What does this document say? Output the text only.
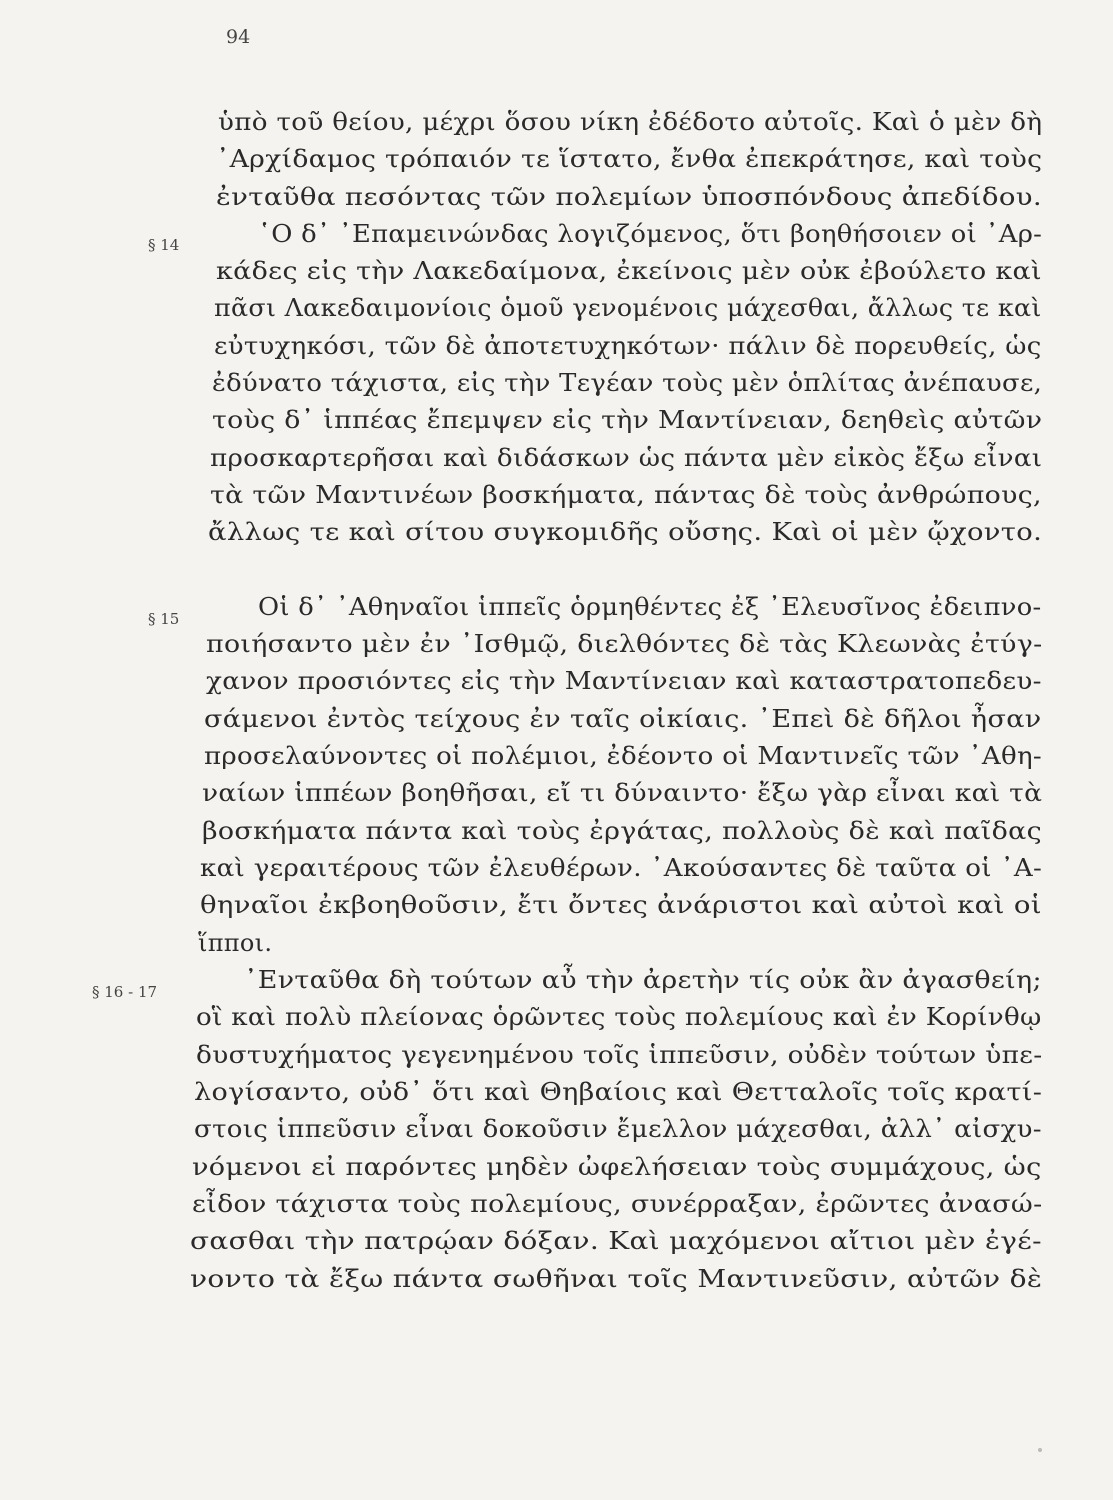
94
§ 14
§ 15
§ 16 - 17
ὑπὸ τοῦ θείου, μέχρι ὅσου νίκη ἐδέδοτο αὐτοῖς. Καὶ ὁ μὲν δὴ
᾿Αρχίδαμος τρόπαιόν τε ἵστατο, ἔνθα ἐπεκράτησε, καὶ τοὺς
ἐνταῦθα πεσόντας τῶν πολεμίων ὑποσπόνδους ἀπεδίδου.
῾Ο δ᾿ ᾿Επαμεινώνδας λογιζόμενος, ὅτι βοηθήσοιεν οἱ ᾿Αρ-
κάδες εἰς τὴν Λακεδαίμονα, ἐκείνοις μὲν οὐκ ἐβούλετο καὶ
πᾶσι Λακεδαιμονίοις ὁμοῦ γενομένοις μάχεσθαι, ἄλλως τε καὶ
εὐτυχηκόσι, τῶν δὲ ἀποτετυχηκότων· πάλιν δὲ πορευθείς, ὡς
ἐδύνατο τάχιστα, εἰς τὴν Τεγέαν τοὺς μὲν ὁπλίτας ἀνέπαυσε,
τοὺς δ᾿ ἱππέας ἔπεμψεν εἰς τὴν Μαντίνειαν, δεηθεὶς αὐτῶν
προσκαρτερῆσαι καὶ διδάσκων ὡς πάντα μὲν εἰκὸς ἔξω εἶναι
τὰ τῶν Μαντινέων βοσκήματα, πάντας δὲ τοὺς ἀνθρώπους,
ἄλλως τε καὶ σίτου συγκομιδῆς οὔσης. Καὶ οἱ μὲν ᾤχοντο.
Οἱ δ᾿ ᾿Αθηναῖοι ἱππεῖς ὁρμηθέντες ἐξ ᾿Ελευσῖνος ἐδειπνο-
ποιήσαντο μὲν ἐν ᾿Ισθμῷ, διελθόντες δὲ τὰς Κλεωνὰς ἐτύγ-
χανον προσιόντες εἰς τὴν Μαντίνειαν καὶ καταστρατοπεδευ-
σάμενοι ἐντὸς τείχους ἐν ταῖς οἰκίαις. ᾿Επεὶ δὲ δῆλοι ἦσαν
προσελαύνοντες οἱ πολέμιοι, ἐδέοντο οἱ Μαντινεῖς τῶν ᾿Αθη-
ναίων ἱππέων βοηθῆσαι, εἴ τι δύναιντο· ἔξω γὰρ εἶναι καὶ τὰ
βοσκήματα πάντα καὶ τοὺς ἐργάτας, πολλοὺς δὲ καὶ παῖδας
καὶ γεραιτέρους τῶν ἐλευθέρων. ᾿Ακούσαντες δὲ ταῦτα οἱ ᾿Α-
θηναῖοι ἐκβοηθοῦσιν, ἔτι ὄντες ἀνάριστοι καὶ αὐτοὶ καὶ οἱ
ἵπποι.
᾿Ενταῦθα δὴ τούτων αὖ τὴν ἀρετὴν τίς οὐκ ἂν ἀγασθείη;
οἳ καὶ πολὺ πλείονας ὁρῶντες τοὺς πολεμίους καὶ ἐν Κορίνθῳ
δυστυχήματος γεγενημένου τοῖς ἱππεῦσιν, οὐδὲν τούτων ὑπε-
λογίσαντο, οὐδ᾿ ὅτι καὶ Θηβαίοις καὶ Θετταλοῖς τοῖς κρατί-
στοις ἱππεῦσιν εἶναι δοκοῦσιν ἔμελλον μάχεσθαι, ἀλλ᾿ αἰσχυ-
νόμενοι εἰ παρόντες μηδὲν ὠφελήσειαν τοὺς συμμάχους, ὡς
εἶδον τάχιστα τοὺς πολεμίους, συνέρραξαν, ἐρῶντες ἀνασώ-
σασθαι τὴν πατρῴαν δόξαν. Καὶ μαχόμενοι αἴτιοι μὲν ἐγέ-
νοντο τὰ ἔξω πάντα σωθῆναι τοῖς Μαντινεῦσιν, αὐτῶν δὲ
